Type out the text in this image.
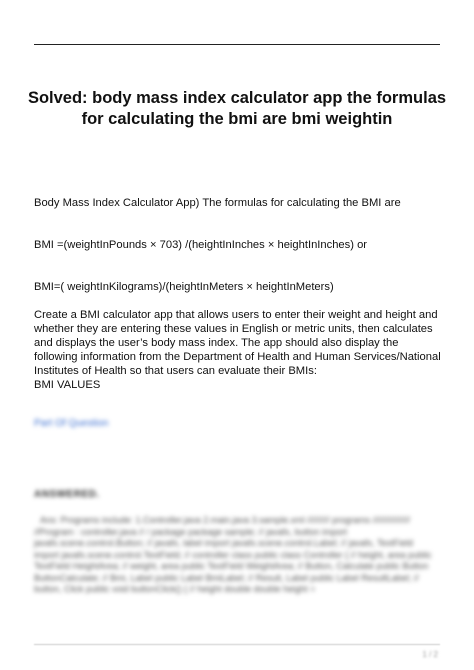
Solved: body mass index calculator app the formulas for calculating the bmi are bmi weightin
Body Mass Index Calculator App) The formulas for calculating the BMI are
BMI =(weightInPounds × 703) /(heightInInches × heightInInches) or
BMI=( weightInKilograms)/(heightInMeters × heightInMeters)
Create a BMI calculator app that allows users to enter their weight and height and whether they are entering these values in English or metric units, then calculates and displays the user’s body mass index. The app should also display the following information from the Department of Health and Human Services/National Institutes of Health so that users can evaluate their BMIs:
BMI VALUES
Part Of Question
ANSWERED.

Ans: Programs include: 1.Controller.java 2.main.java 3.sample.xml ///////// programs /////////////// //Program : controller.java // / package package sample; // javafx, button import javafx.scene.control.Button; // javafx, label import javafx.scene.control.Label; // javafx, TextField import javafx.scene.control.TextField; // controller class public class Controller { // height, area public TextField HeightArea; // weight, area public TextField WeightArea; // Button, Calculate public Button ButtonCalculate; // Bmi, Label public Label BmiLabel; // Result, Label public Label ResultLabel; // button, Click public void buttonClick() { // height double double height =

1 / 2
